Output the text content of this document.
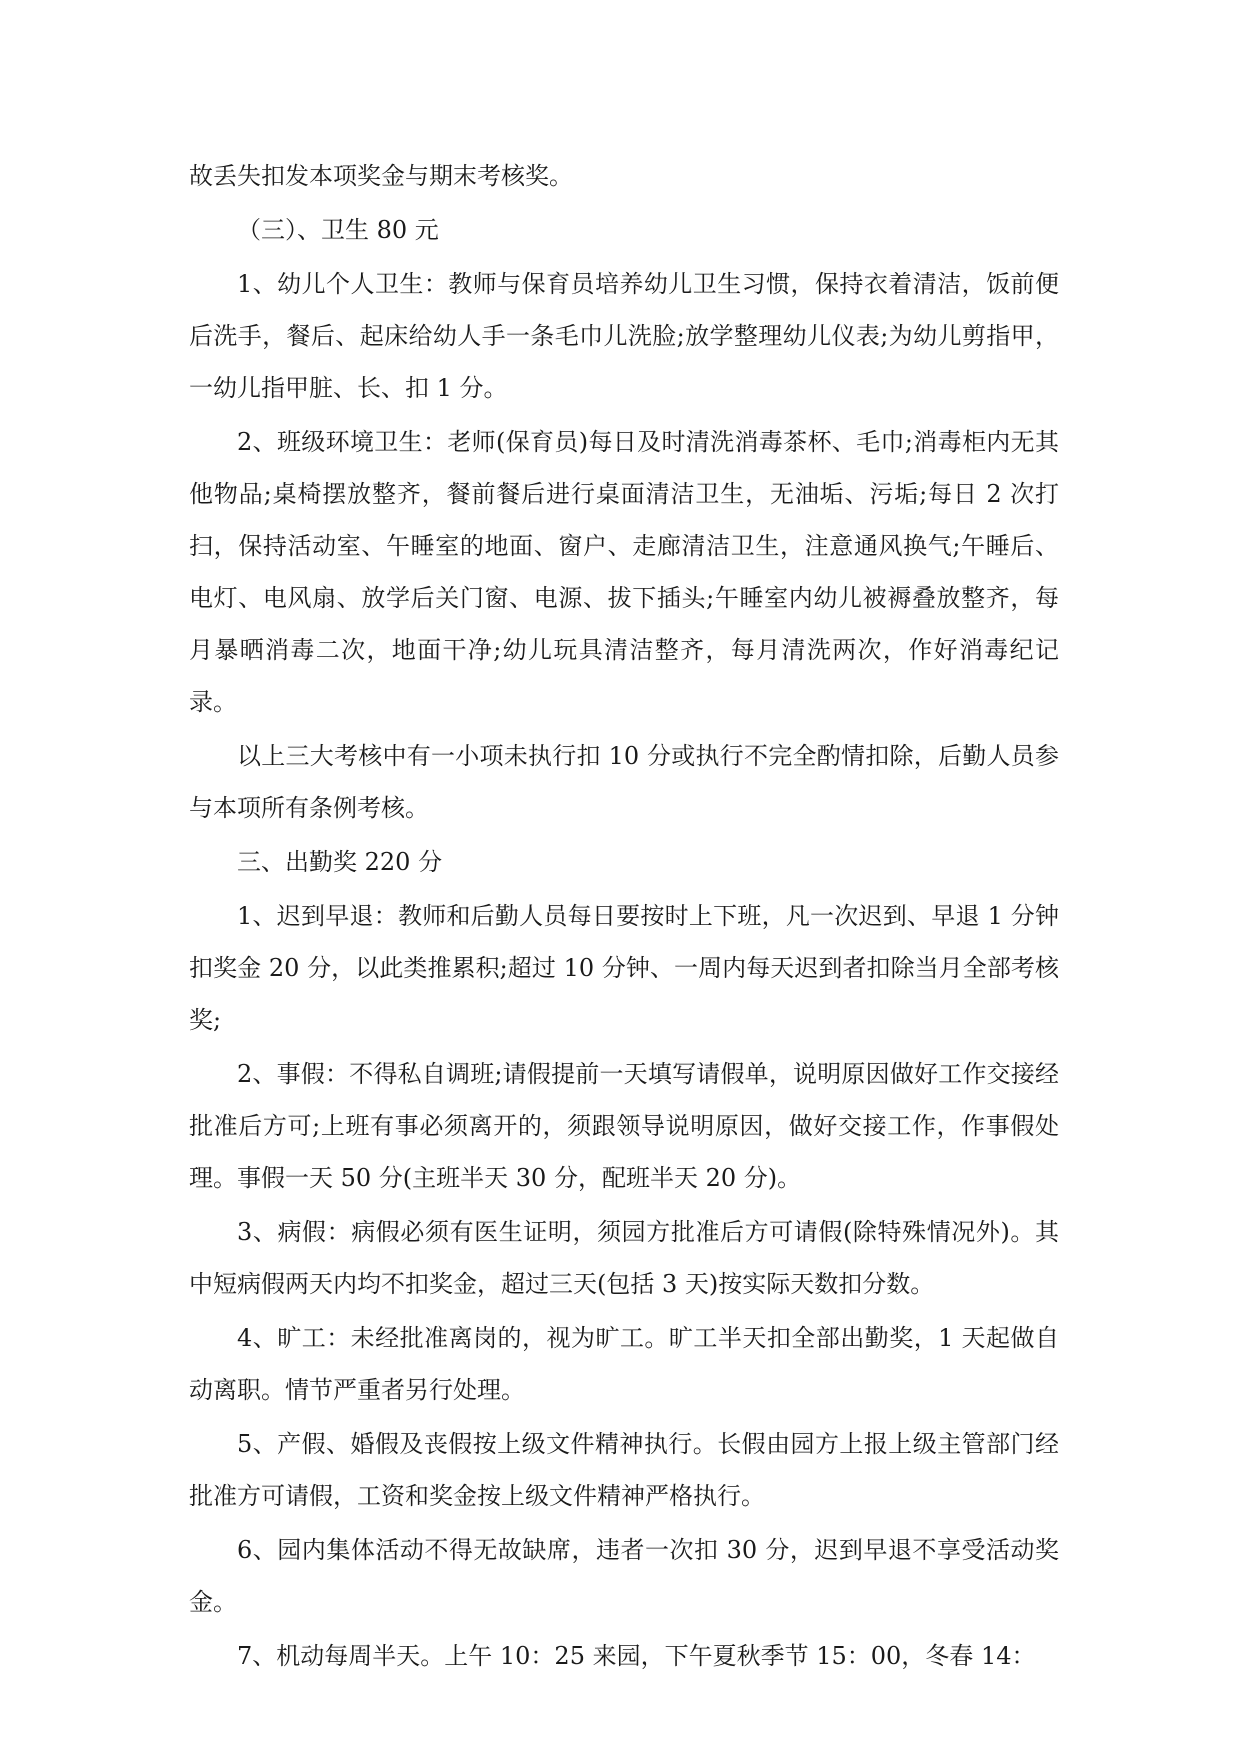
故丢失扣发本项奖金与期末考核奖。

（三）、卫生 80 元

1、幼儿个人卫生：教师与保育员培养幼儿卫生习惯，保持衣着清洁，饭前便后洗手，餐后、起床给幼人手一条毛巾儿洗脸;放学整理幼儿仪表;为幼儿剪指甲，一幼儿指甲脏、长、扣 1 分。

2、班级环境卫生：老师(保育员)每日及时清洗消毒茶杯、毛巾;消毒柜内无其他物品;桌椅摆放整齐，餐前餐后进行桌面清洁卫生，无油垢、污垢;每日 2 次打扫，保持活动室、午睡室的地面、窗户、走廊清洁卫生，注意通风换气;午睡后、电灯、电风扇、放学后关门窗、电源、拔下插头;午睡室内幼儿被褥叠放整齐，每月暴晒消毒二次，地面干净;幼儿玩具清洁整齐，每月清洗两次，作好消毒纪记录。

以上三大考核中有一小项未执行扣 10 分或执行不完全酌情扣除，后勤人员参与本项所有条例考核。

三、出勤奖 220 分

1、迟到早退：教师和后勤人员每日要按时上下班，凡一次迟到、早退 1 分钟扣奖金 20 分，以此类推累积;超过 10 分钟、一周内每天迟到者扣除当月全部考核奖;

2、事假：不得私自调班;请假提前一天填写请假单，说明原因做好工作交接经批准后方可;上班有事必须离开的，须跟领导说明原因，做好交接工作，作事假处理。事假一天 50 分(主班半天 30 分，配班半天 20 分)。

3、病假：病假必须有医生证明，须园方批准后方可请假(除特殊情况外)。其中短病假两天内均不扣奖金，超过三天(包括 3 天)按实际天数扣分数。

4、旷工：未经批准离岗的，视为旷工。旷工半天扣全部出勤奖，1 天起做自动离职。情节严重者另行处理。

5、产假、婚假及丧假按上级文件精神执行。长假由园方上报上级主管部门经批准方可请假，工资和奖金按上级文件精神严格执行。

6、园内集体活动不得无故缺席，违者一次扣 30 分，迟到早退不享受活动奖金。

7、机动每周半天。上午 10：25 来园，下午夏秋季节 15：00，冬春 14：
